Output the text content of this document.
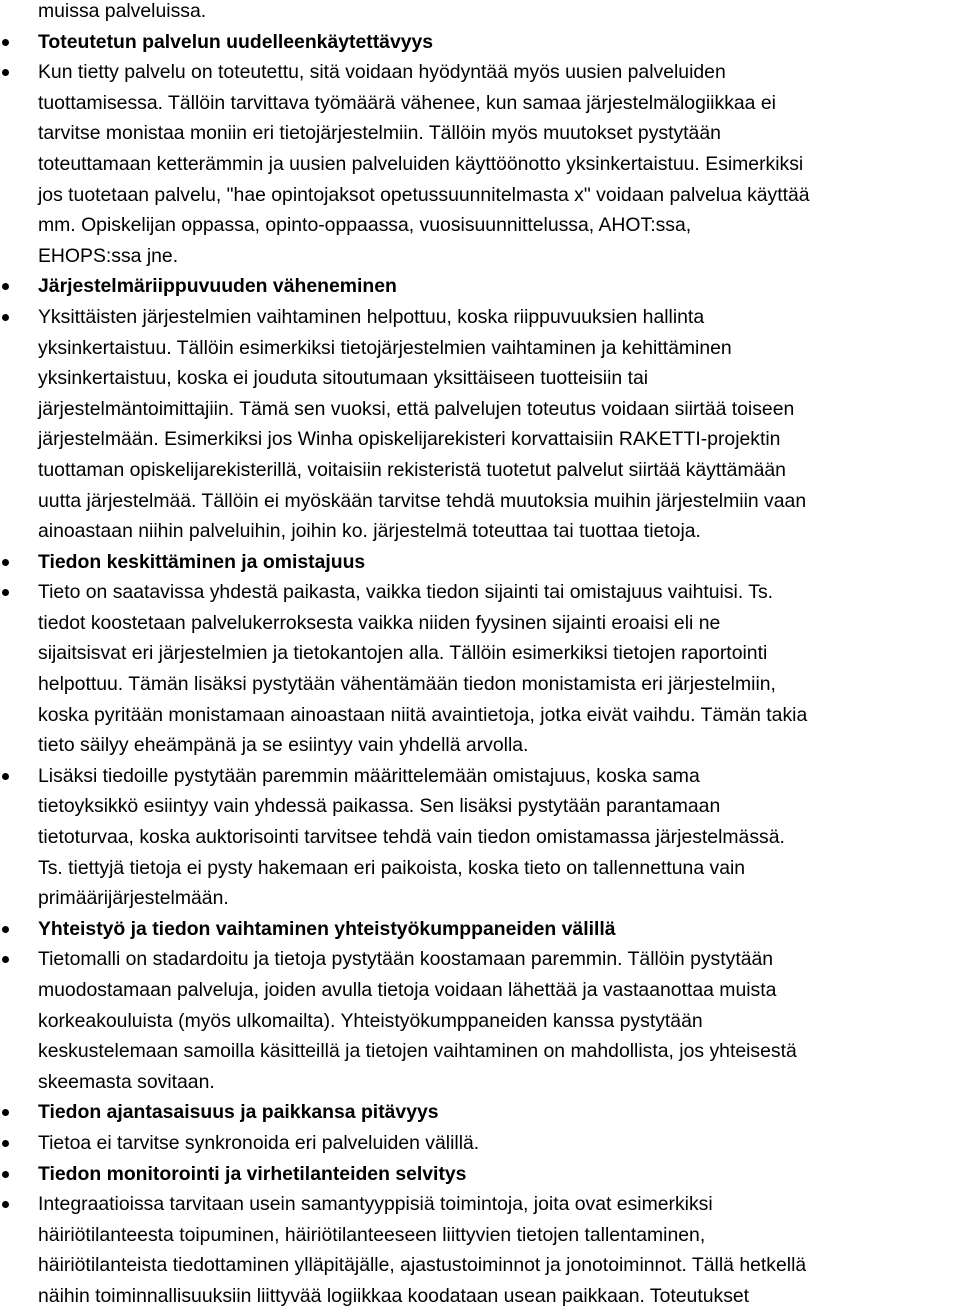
muissa palveluissa.
Toteutetun palvelun uudelleenkäytettävyys
Kun tietty palvelu on toteutettu, sitä voidaan hyödyntää myös uusien palveluiden
tuottamisessa. Tällöin tarvittava työmäärä vähenee, kun samaa järjestelmälogiikkaa ei
tarvitse monistaa moniin eri tietojärjestelmiin. Tällöin myös muutokset pystytään
toteuttamaan ketterämmin ja uusien palveluiden käyttöönotto yksinkertaistuu. Esimerkiksi
jos tuotetaan palvelu, "hae opintojaksot opetussuunnitelmasta x" voidaan palvelua käyttää
mm. Opiskelijan oppassa, opinto-oppaassa, vuosisuunnittelussa, AHOT:ssa,
EHOPS:ssa jne.
Järjestelmäriippuvuuden väheneminen
Yksittäisten järjestelmien vaihtaminen helpottuu, koska riippuvuuksien hallinta
yksinkertaistuu. Tällöin esimerkiksi tietojärjestelmien vaihtaminen ja kehittäminen
yksinkertaistuu, koska ei jouduta sitoutumaan yksittäiseen tuotteisiin tai
järjestelmäntoimittajiin. Tämä sen vuoksi, että palvelujen toteutus voidaan siirtää toiseen
järjestelmään. Esimerkiksi jos Winha opiskelijarekisteri korvattaisiin RAKETTI-projektin
tuottaman opiskelijarekisterillä, voitaisiin rekisteristä tuotetut palvelut siirtää käyttämään
uutta järjestelmää. Tällöin ei myöskään tarvitse tehdä muutoksia muihin järjestelmiin vaan
ainoastaan niihin palveluihin, joihin ko. järjestelmä toteuttaa tai tuottaa tietoja.
Tiedon keskittäminen ja omistajuus
Tieto on saatavissa yhdestä paikasta, vaikka tiedon sijainti tai omistajuus vaihtuisi. Ts.
tiedot koostetaan palvelukerroksesta vaikka niiden fyysinen sijainti eroaisi eli ne
sijaitsisvat eri järjestelmien ja tietokantojen alla. Tällöin esimerkiksi tietojen raportointi
helpottuu. Tämän lisäksi pystytään vähentämään tiedon monistamista eri järjestelmiin,
koska pyritään monistamaan ainoastaan niitä avaintietoja, jotka eivät vaihdu. Tämän takia
tieto säilyy eheämpänä ja se esiintyy vain yhdellä arvolla.
Lisäksi tiedoille pystytään paremmin määrittelemään omistajuus, koska sama
tietoyksikkö esiintyy vain yhdessä paikassa. Sen lisäksi pystytään parantamaan
tietoturvaa, koska auktorisointi tarvitsee tehdä vain tiedon omistamassa järjestelmässä.
Ts. tiettyjä tietoja ei pysty hakemaan eri paikoista, koska tieto on tallennettuna vain
primäärijärjestelmään.
Yhteistyö ja tiedon vaihtaminen yhteistyökumppaneiden välillä
Tietomalli on stadardoitu ja tietoja pystytään koostamaan paremmin. Tällöin pystytään
muodostamaan palveluja, joiden avulla tietoja voidaan lähettää ja vastaanottaa muista
korkeakouluista (myös ulkomailta). Yhteistyökumppaneiden kanssa pystytään
keskustelemaan samoilla käsitteillä ja tietojen vaihtaminen on mahdollista, jos yhteisestä
skeemasta sovitaan.
Tiedon ajantasaisuus ja paikkansa pitävyys
Tietoa ei tarvitse synkronoida eri palveluiden välillä.
Tiedon monitorointi ja virhetilanteiden selvitys
Integraatioissa tarvitaan usein samantyyppisiä toimintoja, joita ovat esimerkiksi
häiriötilanteesta toipuminen, häiriötilanteeseen liittyvien tietojen tallentaminen,
häiriötilanteista tiedottaminen ylläpitäjälle, ajastustoiminnot ja jonotoiminnot. Tällä hetkellä
näihin toiminnallisuuksiin liittyvää logiikkaa koodataan usean paikkaan. Toteutukset
